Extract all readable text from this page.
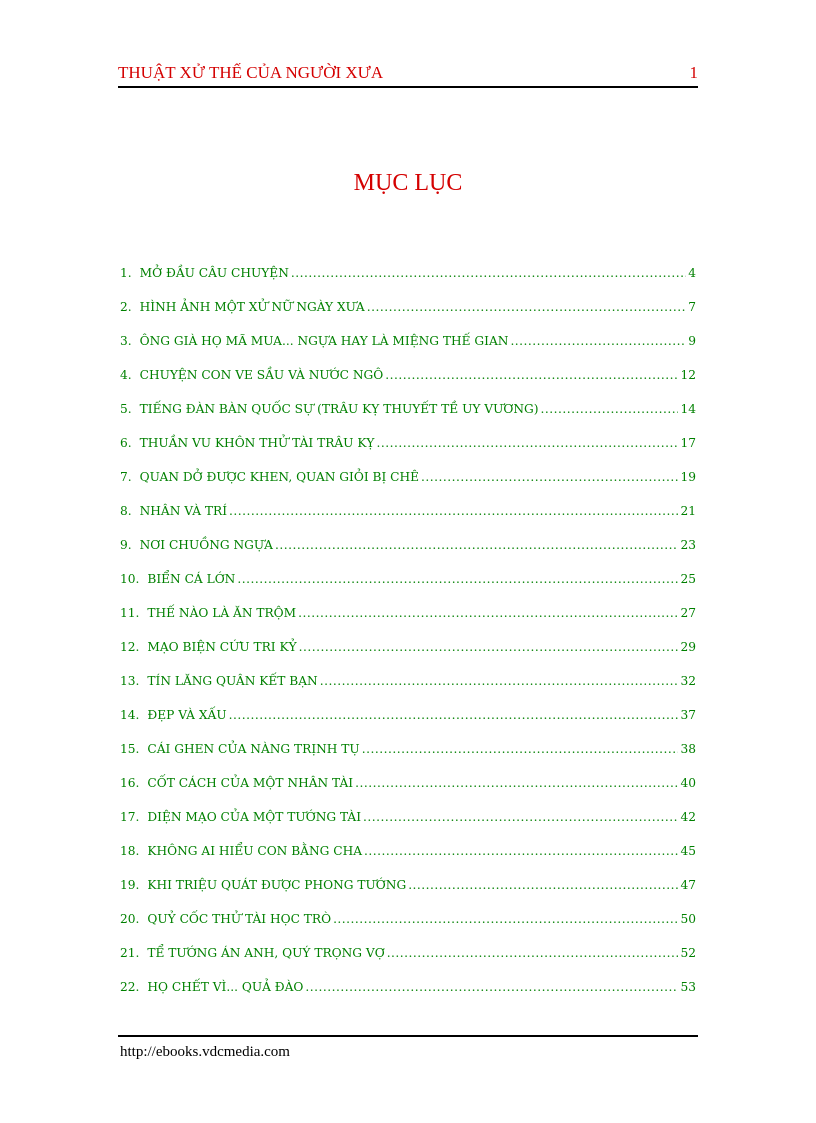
THUẬT XỬ THẾ CỦA NGƯỜI XƯA	1
MỤC LỤC
1. MỞ ĐẦU CÂU CHUYỆN .....	4
2. HÌNH ẢNH MỘT XỬ NỮ NGÀY XƯA .....	7
3. ÔNG GIÀ HỌ MÃ MUA... NGỰA HAY LÀ MIỆNG THẾ GIAN .....	9
4. CHUYỆN CON VE SẦU VÀ NƯỚC NGÔ .....	12
5. TIẾNG ĐÀN BÀN QUỐC SỰ (TRÂU KỴ THUYẾT TỀ UY VƯƠNG) .....	14
6. THUẦN VU KHÔN THỬ TÀI TRÂU KỴ .....	17
7. QUAN DỞ ĐƯỢC KHEN, QUAN GIỎI BỊ CHÊ .....	19
8. NHÂN VÀ TRÍ .....	21
9. NƠI CHUỒNG NGỰA .....	23
10. BIỂN CÁ LỚN .....	25
11. THẾ NÀO LÀ ĂN TRỘM .....	27
12. MẠO BIỆN CỨU TRI KỶ .....	29
13. TÍN LĂNG QUÂN KẾT BẠN .....	32
14. ĐẸP VÀ XẤU .....	37
15. CÁI GHEN CỦA NÀNG TRỊNH TỤ .....	38
16. CỐT CÁCH CỦA MỘT NHÂN TÀI .....	40
17. DIỆN MẠO CỦA MỘT TƯỚNG TÀI .....	42
18. KHÔNG AI HIỂU CON BẰNG CHA .....	45
19. KHI TRIỆU QUÁT ĐƯỢC PHONG TƯỚNG .....	47
20. QUỶ CỐC THỬ TÀI HỌC TRÒ .....	50
21. TỂ TƯỚNG ÁN ANH, QUÝ TRỌNG VỢ .....	52
22. HỌ CHẾT VÌ... QUẢ ĐÀO .....	53
http://ebooks.vdcmedia.com
